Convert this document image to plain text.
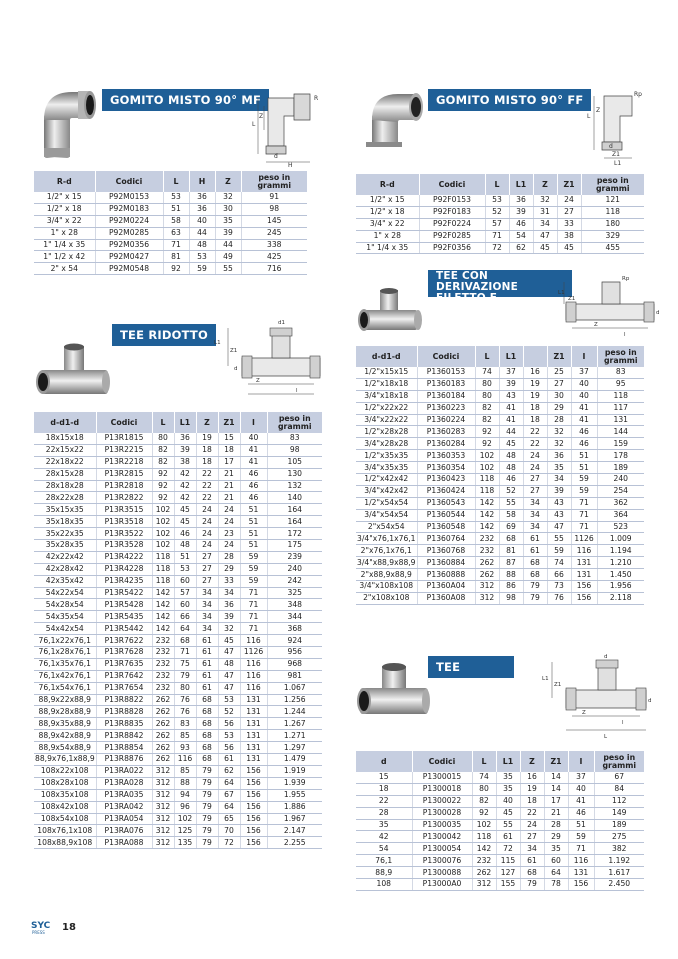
GOMITO MISTO 90° MF	R
L
Z
d
H
R-d	Codici	L	H	Z	peso in grammi
1/2" x 15	P92M0153	53	36	32	91
1/2" x 18	P92M0183	51	36	30	98
3/4" x 22	P92M0224	58	40	35	145
1" x 28	P92M0285	63	44	39	245
1" 1/4 x 35	P92M0356	71	48	44	338
1" 1/2 x 42	P92M0427	81	53	49	425
2" x 54	P92M0548	92	59	55	716
GOMITO MISTO 90° FF	Rp
L
Z
d
Z1
L1
R-d	Codici	L	L1	Z	Z1	peso in grammi
1/2" x 15	P92F0153	53	36	32	24	121
1/2" x 18	P92F0183	52	39	31	27	118
3/4" x 22	P92F0224	57	46	34	33	180
1" x 28	P92F0285	71	54	47	38	329
1" 1/4 x 35	P92F0356	72	62	45	45	455
TEE CON DERIVAZIONE FILETTO F
Rp
L1
Z1
d
Z
l
d-d1-d	Codici	L	L1		Z1	I	peso in grammi
1/2"x15x15	P1360153	74	37	16	25	37	83
1/2"x18x18	P1360183	80	39	19	27	40	95
3/4"x18x18	P1360184	80	43	19	30	40	118
1/2"x22x22	P1360223	82	41	18	29	41	117
3/4"x22x22	P1360224	82	41	18	28	41	131
1/2"x28x28	P1360283	92	44	22	32	46	144
3/4"x28x28	P1360284	92	45	22	32	46	159
1/2"x35x35	P1360353	102	48	24	36	51	178
3/4"x35x35	P1360354	102	48	24	35	51	189
1/2"x42x42	P1360423	118	46	27	34	59	240
3/4"x42x42	P1360424	118	52	27	39	59	254
1/2"x54x54	P1360543	142	55	34	43	71	362
3/4"x54x54	P1360544	142	58	34	43	71	364
2"x54x54	P1360548	142	69	34	47	71	523
3/4"x76,1x76,1	P1360764	232	68	61	55	1126	1.009
2"x76,1x76,1	P1360768	232	81	61	59	116	1.194
3/4"x88,9x88,9	P1360884	262	87	68	74	131	1.210
2"x88,9x88,9	P1360888	262	88	68	66	131	1.450
3/4"x108x108	P1360A04	312	86	79	73	156	1.956
2"x108x108	P1360A08	312	98	79	76	156	2.118
TEE RIDOTTO
d1
L1
Z1
d
Z
l
d-d1-d	Codici	L	L1	Z	Z1	I	peso in grammi
18x15x18	P13R1815	80	36	19	15	40	83
22x15x22	P13R2215	82	39	18	18	41	98
22x18x22	P13R2218	82	38	18	17	41	105
28x15x28	P13R2815	92	42	22	21	46	130
28x18x28	P13R2818	92	42	22	21	46	132
28x22x28	P13R2822	92	42	22	21	46	140
35x15x35	P13R3515	102	45	24	24	51	164
35x18x35	P13R3518	102	45	24	24	51	164
35x22x35	P13R3522	102	46	24	23	51	172
35x28x35	P13R3528	102	48	24	24	51	175
42x22x42	P13R4222	118	51	27	28	59	239
42x28x42	P13R4228	118	53	27	29	59	240
42x35x42	P13R4235	118	60	27	33	59	242
54x22x54	P13R5422	142	57	34	34	71	325
54x28x54	P13R5428	142	60	34	36	71	348
54x35x54	P13R5435	142	66	34	39	71	344
54x42x54	P13R5442	142	64	34	32	71	368
76,1x22x76,1	P13R7622	232	68	61	45	116	924
76,1x28x76,1	P13R7628	232	71	61	47	1126	956
76,1x35x76,1	P13R7635	232	75	61	48	116	968
76,1x42x76,1	P13R7642	232	79	61	47	116	981
76,1x54x76,1	P13R7654	232	80	61	47	116	1.067
88,9x22x88,9	P13R8822	262	76	68	53	131	1.256
88,9x28x88,9	P13R8828	262	76	68	52	131	1.244
88,9x35x88,9	P13R8835	262	83	68	56	131	1.267
88,9x42x88,9	P13R8842	262	85	68	53	131	1.271
88,9x54x88,9	P13R8854	262	93	68	56	131	1.297
88,9x76,1x88,9	P13R8876	262	116	68	61	131	1.479
108x22x108	P13RA022	312	85	79	62	156	1.919
108x28x108	P13RA028	312	88	79	64	156	1.939
108x35x108	P13RA035	312	94	79	67	156	1.955
108x42x108	P13RA042	312	96	79	64	156	1.886
108x54x108	P13RA054	312	102	79	65	156	1.967
108x76,1x108	P13RA076	312	125	79	70	156	2.147
108x88,9x108	P13RA088	312	135	79	72	156	2.255
TEE
d
d
L1
Z1
Z
l
L
d	Codici	L	L1	Z	Z1	I	peso in grammi
15	P1300015	74	35	16	14	37	67
18	P1300018	80	35	19	14	40	84
22	P1300022	82	40	18	17	41	112
28	P1300028	92	45	22	21	46	149
35	P1300035	102	55	24	28	51	189
42	P1300042	118	61	27	29	59	275
54	P1300054	142	72	34	35	71	382
76,1	P1300076	232	115	61	60	116	1.192
88,9	P1300088	262	127	68	64	131	1.617
108	P13000A0	312	155	79	78	156	2.450
SYC
PRESS 18
